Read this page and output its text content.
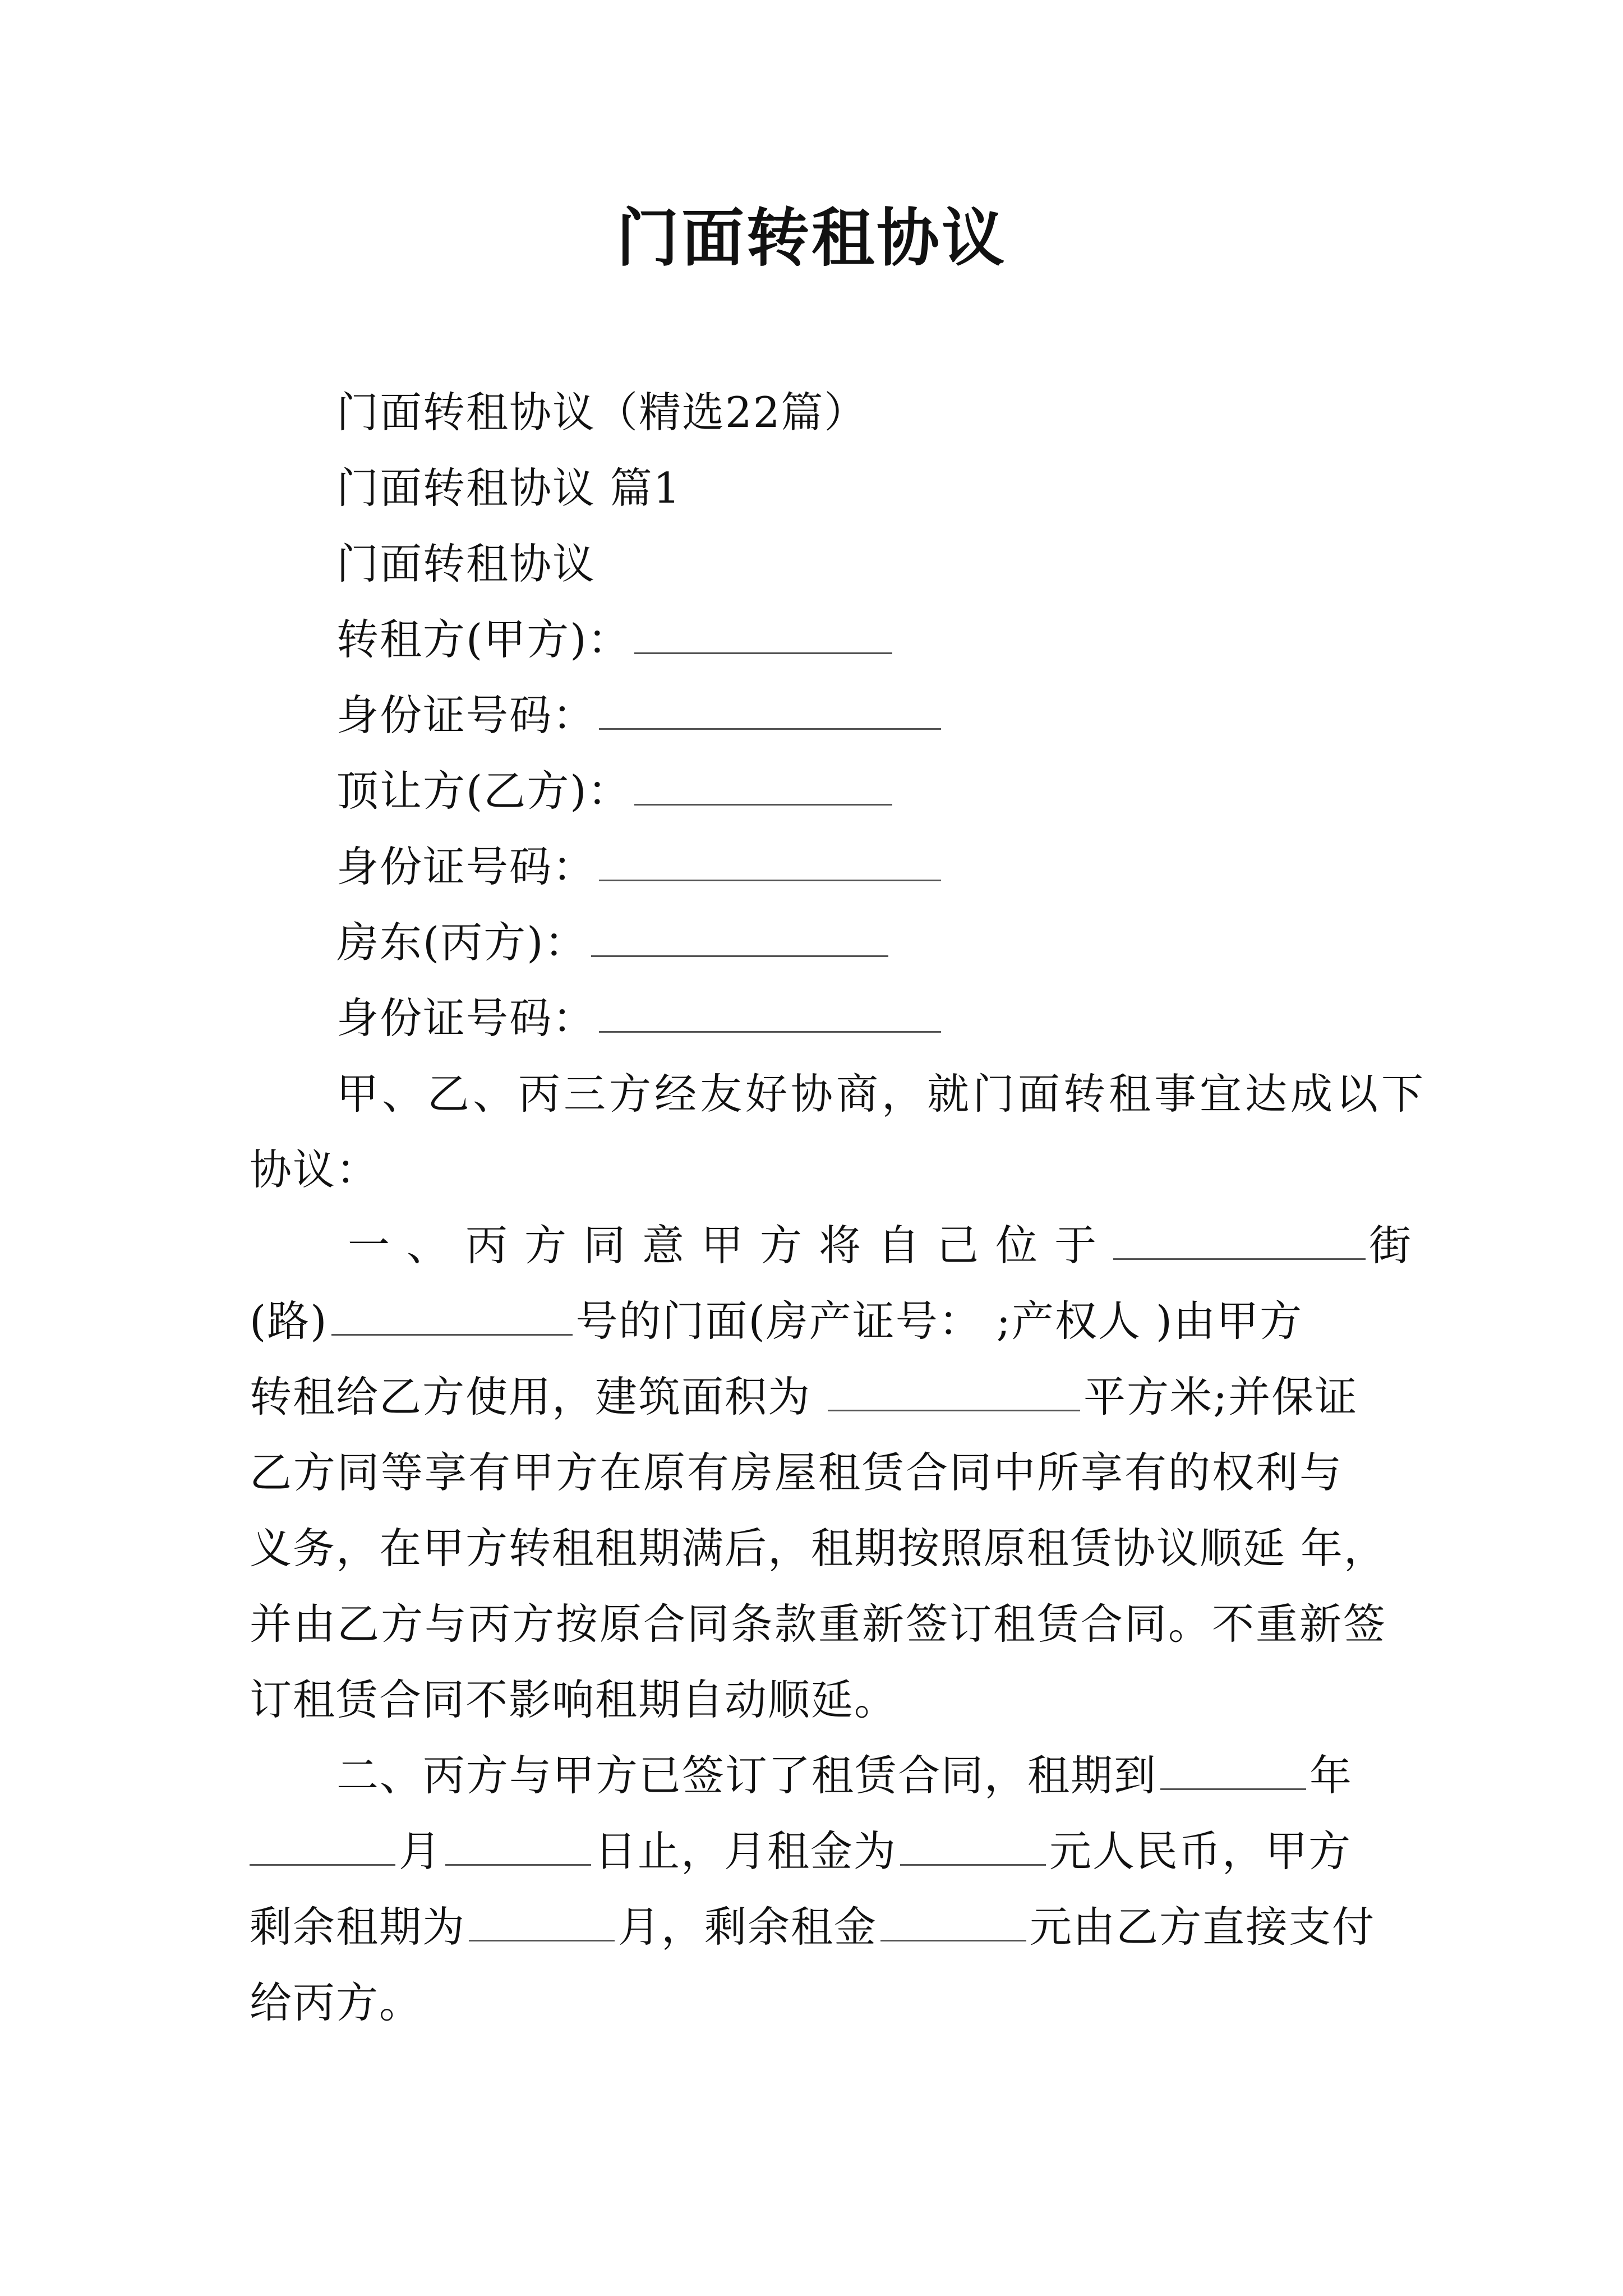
门面转租协议
门面转租协议（精选22篇）
门面转租协议 篇1
门面转租协议
转租方(甲方)：
身份证号码：
顶让方(乙方)：
身份证号码：
房东(丙方)：
身份证号码：
甲、乙、丙三方经友好协商，就门面转租事宜达成以下
协议：
一、丙方同意甲方将自己位于	街
(路)	号的门面(房产证号： ;产权人 )由甲方
转租给乙方使用，建筑面积为	平方米;并保证
乙方同等享有甲方在原有房屋租赁合同中所享有的权利与
义务，在甲方转租租期满后，租期按照原租赁协议顺延 年，
并由乙方与丙方按原合同条款重新签订租赁合同。不重新签
订租赁合同不影响租期自动顺延。
二、丙方与甲方已签订了租赁合同，租期到	年
月	日止，月租金为	元人民币，甲方
剩余租期为	月，剩余租金	元由乙方直接支付
给丙方。
